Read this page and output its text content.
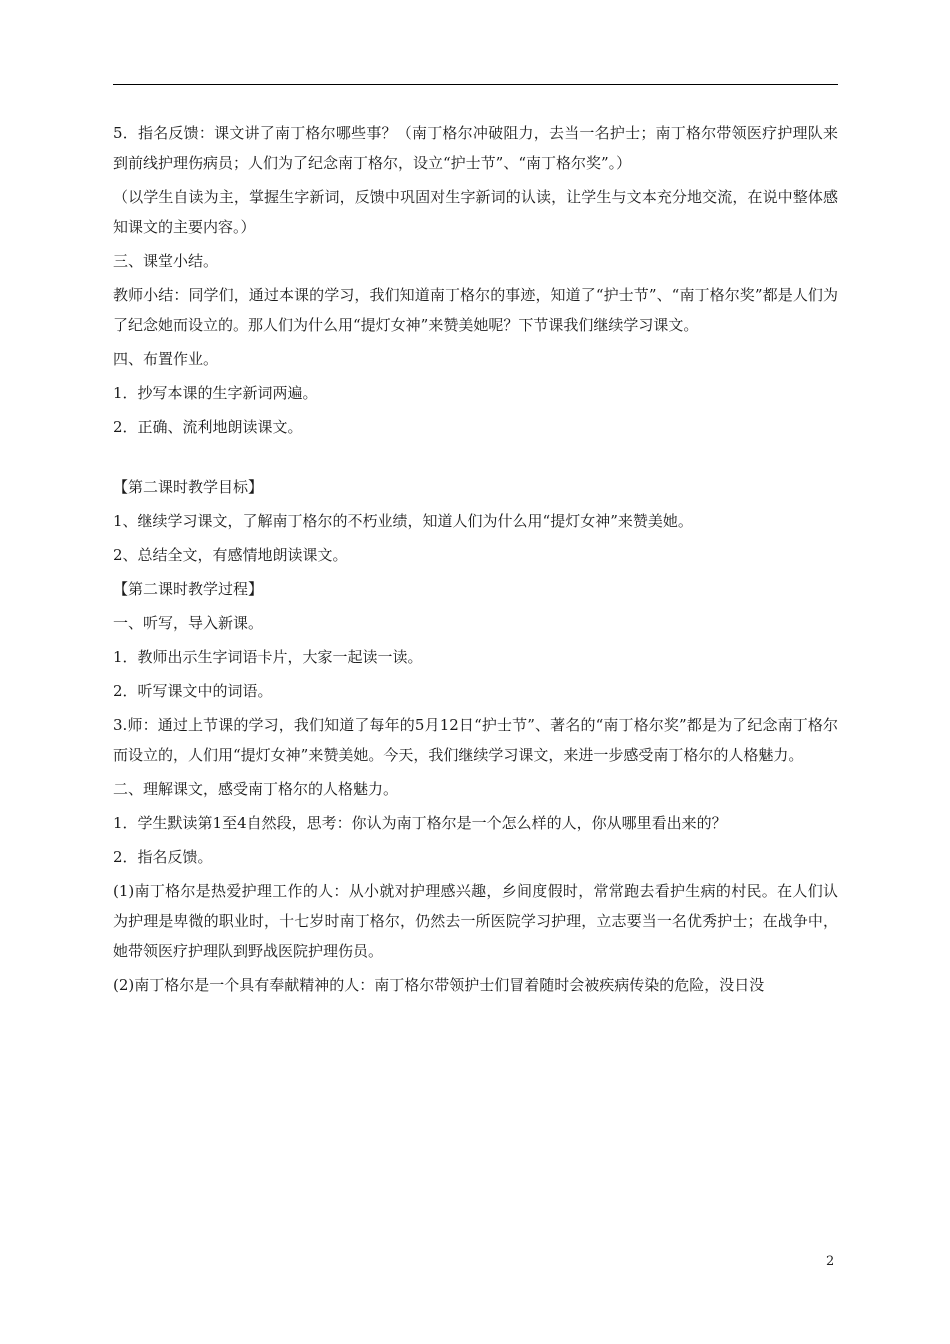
5．指名反馈：课文讲了南丁格尔哪些事？（南丁格尔冲破阻力，去当一名护士；南丁格尔带领医疗护理队来到前线护理伤病员；人们为了纪念南丁格尔，设立“护士节”、“南丁格尔奖”。）

（以学生自读为主，掌握生字新词，反馈中巩固对生字新词的认读，让学生与文本充分地交流，在说中整体感知课文的主要内容。）

三、课堂小结。

教师小结：同学们，通过本课的学习，我们知道南丁格尔的事迹，知道了“护士节”、“南丁格尔奖”都是人们为了纪念她而设立的。那人们为什么用“提灯女神”来赞美她呢？下节课我们继续学习课文。

四、布置作业。

1．抄写本课的生字新词两遍。

2．正确、流利地朗读课文。

【第二课时教学目标】

1、继续学习课文，了解南丁格尔的不朽业绩，知道人们为什么用“提灯女神”来赞美她。

2、总结全文，有感情地朗读课文。

【第二课时教学过程】

一、听写，导入新课。

1．教师出示生字词语卡片，大家一起读一读。

2．听写课文中的词语。

3.师：通过上节课的学习，我们知道了每年的5月12日“护士节”、著名的“南丁格尔奖”都是为了纪念南丁格尔而设立的，人们用“提灯女神”来赞美她。今天，我们继续学习课文，来进一步感受南丁格尔的人格魅力。

二、理解课文，感受南丁格尔的人格魅力。

1．学生默读第1至4自然段，思考：你认为南丁格尔是一个怎么样的人，你从哪里看出来的？

2．指名反馈。

(1)南丁格尔是热爱护理工作的人：从小就对护理感兴趣，乡间度假时，常常跑去看护生病的村民。在人们认为护理是卑微的职业时，十七岁时南丁格尔，仍然去一所医院学习护理，立志要当一名优秀护士；在战争中，她带领医疗护理队到野战医院护理伤员。

(2)南丁格尔是一个具有奉献精神的人：南丁格尔带领护士们冒着随时会被疾病传染的危险，没日没

2
